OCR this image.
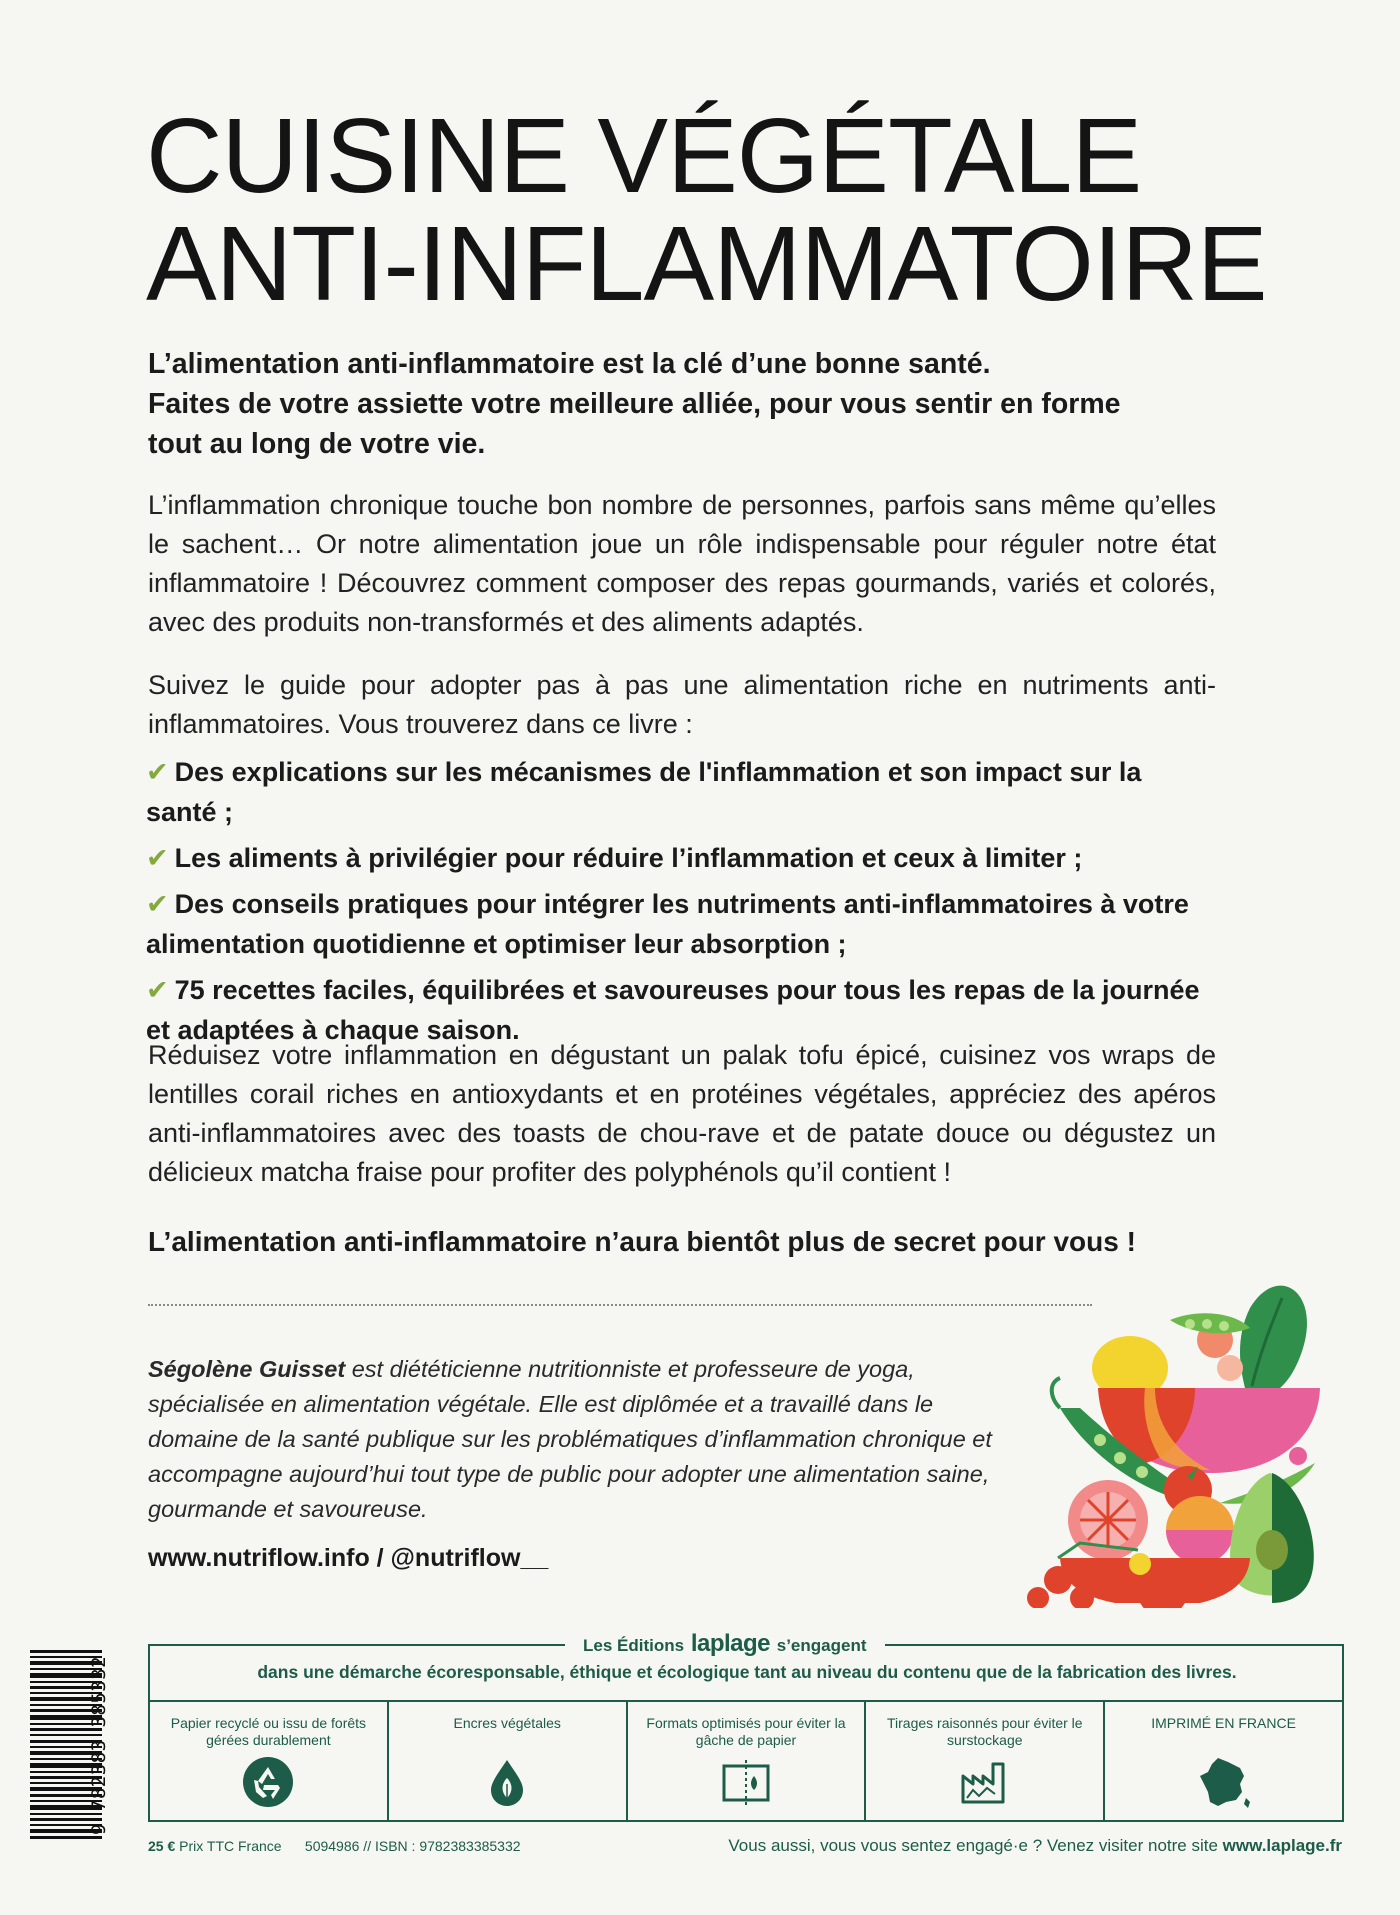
CUISINE VÉGÉTALE
ANTI-INFLAMMATOIRE
L’alimentation anti-inflammatoire est la clé d’une bonne santé.
Faites de votre assiette votre meilleure alliée, pour vous sentir en forme
tout au long de votre vie.

L’inflammation chronique touche bon nombre de personnes, parfois sans même qu’elles le sachent… Or notre alimentation joue un rôle indispensable pour réguler notre état inflammatoire ! Découvrez comment composer des repas gourmands, variés et colorés, avec des produits non-transformés et des aliments adaptés.

Suivez le guide pour adopter pas à pas une alimentation riche en nutriments anti-inflammatoires. Vous trouverez dans ce livre :

✔ Des explications sur les mécanismes de l'inflammation et son impact sur la santé ;
✔ Les aliments à privilégier pour réduire l’inflammation et ceux à limiter ;
✔ Des conseils pratiques pour intégrer les nutriments anti-inflammatoires à votre alimentation quotidienne et optimiser leur absorption ;
✔ 75 recettes faciles, équilibrées et savoureuses pour tous les repas de la journée et adaptées à chaque saison.

Réduisez votre inflammation en dégustant un palak tofu épicé, cuisinez vos wraps de lentilles corail riches en antioxydants et en protéines végétales, appréciez des apéros anti-inflammatoires avec des toasts de chou-rave et de patate douce ou dégustez un délicieux matcha fraise pour profiter des polyphénols qu’il contient !

L’alimentation anti-inflammatoire n’aura bientôt plus de secret pour vous !

Ségolène Guisset est diététicienne nutritionniste et professeure de yoga, spécialisée en alimentation végétale. Elle est diplômée et a travaillé dans le domaine de la santé publique sur les problématiques d’inflammation chronique et accompagne aujourd’hui tout type de public pour adopter une alimentation saine, gourmande et savoureuse.

www.nutriflow.info / @nutriflow__
Les Éditions laplage s’engagent
dans une démarche écoresponsable, éthique et écologique tant au niveau du contenu que de la fabrication des livres.
Papier recyclé ou issu de forêts gérées durablement
Encres végétales	Formats optimisés pour éviter la gâche de papier
Tirages raisonnés pour éviter le surstockage
IMPRIMÉ EN FRANCE
9 782383 385332
25 € Prix TTC France 5094986 // ISBN : 9782383385332	Vous aussi, vous vous sentez engagé·e ? Venez visiter notre site www.laplage.fr
